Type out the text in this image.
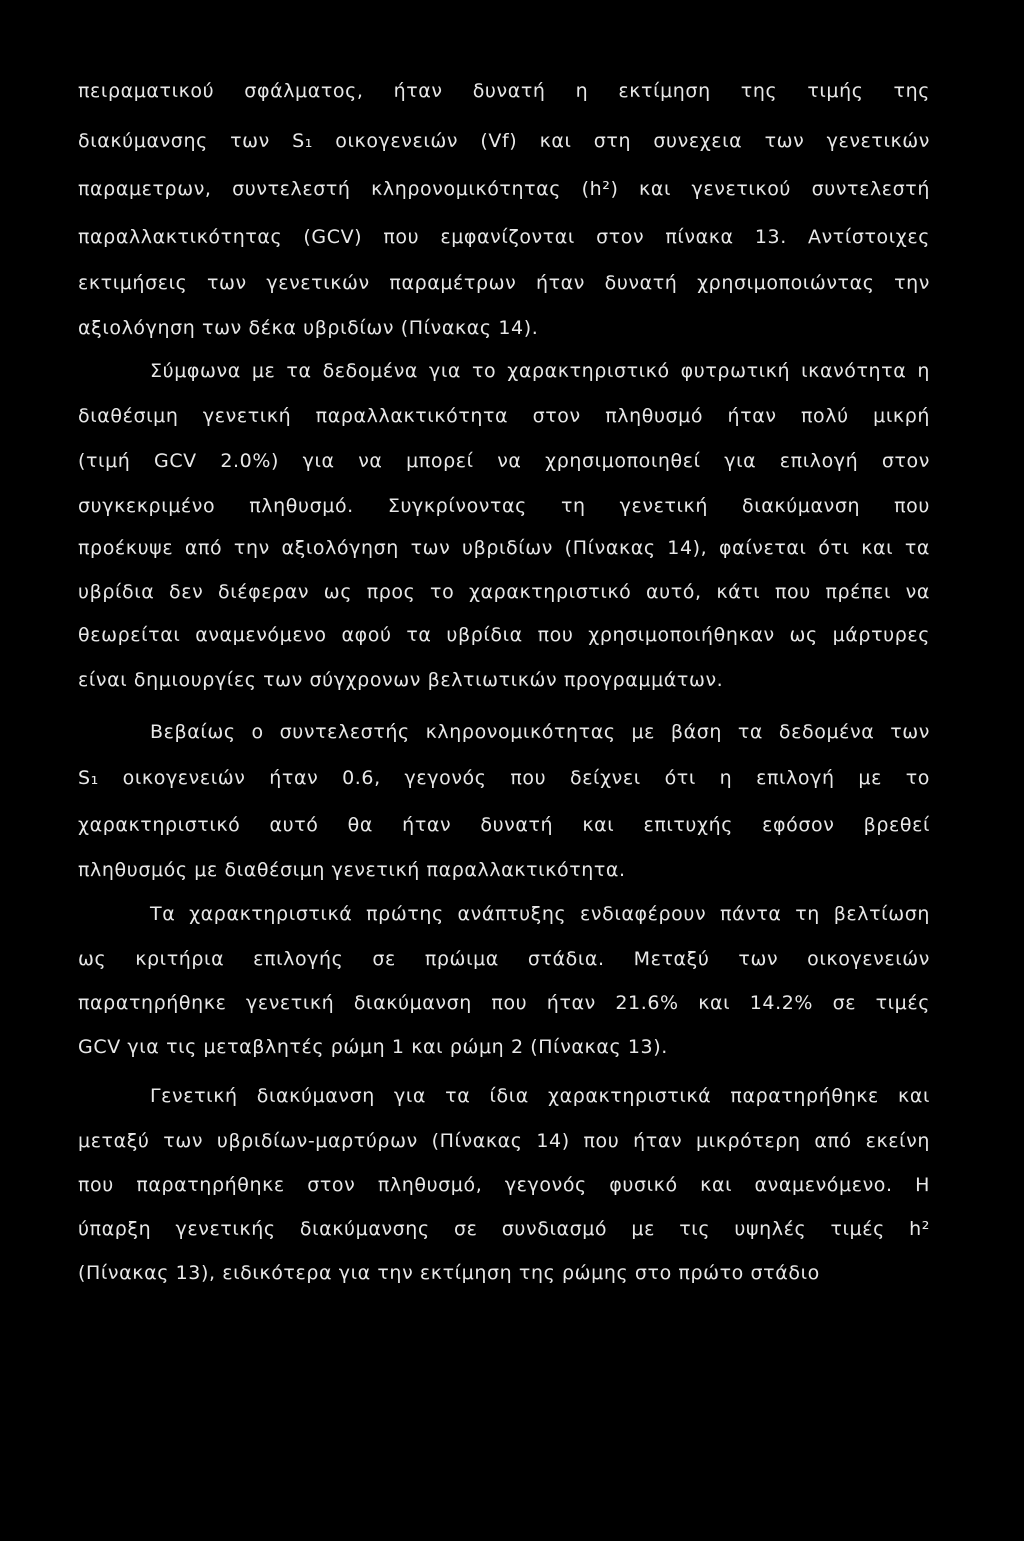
πειραματικού σφάλματος, ήταν δυνατή η εκτίμηση της τιμής της
διακύμανσης των S₁ οικογενειών (Vf) και στη συνεχεια των γενετικών
παραμετρων, συντελεστή κληρονομικότητας (h²) και γενετικού συντελεστή
παραλλακτικότητας (GCV) που εμφανίζονται στον πίνακα 13. Αντίστοιχες
εκτιμήσεις των γενετικών παραμέτρων ήταν δυνατή χρησιμοποιώντας την
αξιολόγηση των δέκα υβριδίων (Πίνακας 14).
Σύμφωνα με τα δεδομένα για το χαρακτηριστικό φυτρωτική ικανότητα η
διαθέσιμη γενετική παραλλακτικότητα στον πληθυσμό ήταν πολύ μικρή
(τιμή GCV 2.0%) για να μπορεί να χρησιμοποιηθεί για επιλογή στον
συγκεκριμένο πληθυσμό. Συγκρίνοντας τη γενετική διακύμανση που
προέκυψε από την αξιολόγηση των υβριδίων (Πίνακας 14), φαίνεται ότι και τα
υβρίδια δεν διέφεραν ως προς το χαρακτηριστικό αυτό, κάτι που πρέπει να
θεωρείται αναμενόμενο αφού τα υβρίδια που χρησιμοποιήθηκαν ως μάρτυρες
είναι δημιουργίες των σύγχρονων βελτιωτικών προγραμμάτων.
Βεβαίως ο συντελεστής κληρονομικότητας με βάση τα δεδομένα των
S₁ οικογενειών ήταν 0.6, γεγονός που δείχνει ότι η επιλογή με το
χαρακτηριστικό αυτό θα ήταν δυνατή και επιτυχής εφόσον βρεθεί
πληθυσμός με διαθέσιμη γενετική παραλλακτικότητα.
Τα χαρακτηριστικά πρώτης ανάπτυξης ενδιαφέρουν πάντα τη βελτίωση
ως κριτήρια επιλογής σε πρώιμα στάδια. Μεταξύ των οικογενειών
παρατηρήθηκε γενετική διακύμανση που ήταν 21.6% και 14.2% σε τιμές
GCV για τις μεταβλητές ρώμη 1 και ρώμη 2 (Πίνακας 13).
Γενετική διακύμανση για τα ίδια χαρακτηριστικά παρατηρήθηκε και
μεταξύ των υβριδίων-μαρτύρων (Πίνακας 14) που ήταν μικρότερη από εκείνη
που παρατηρήθηκε στον πληθυσμό, γεγονός φυσικό και αναμενόμενο. Η
ύπαρξη γενετικής διακύμανσης σε συνδιασμό με τις υψηλές τιμές h²
(Πίνακας 13), ειδικότερα για την εκτίμηση της ρώμης στο πρώτο στάδιο
